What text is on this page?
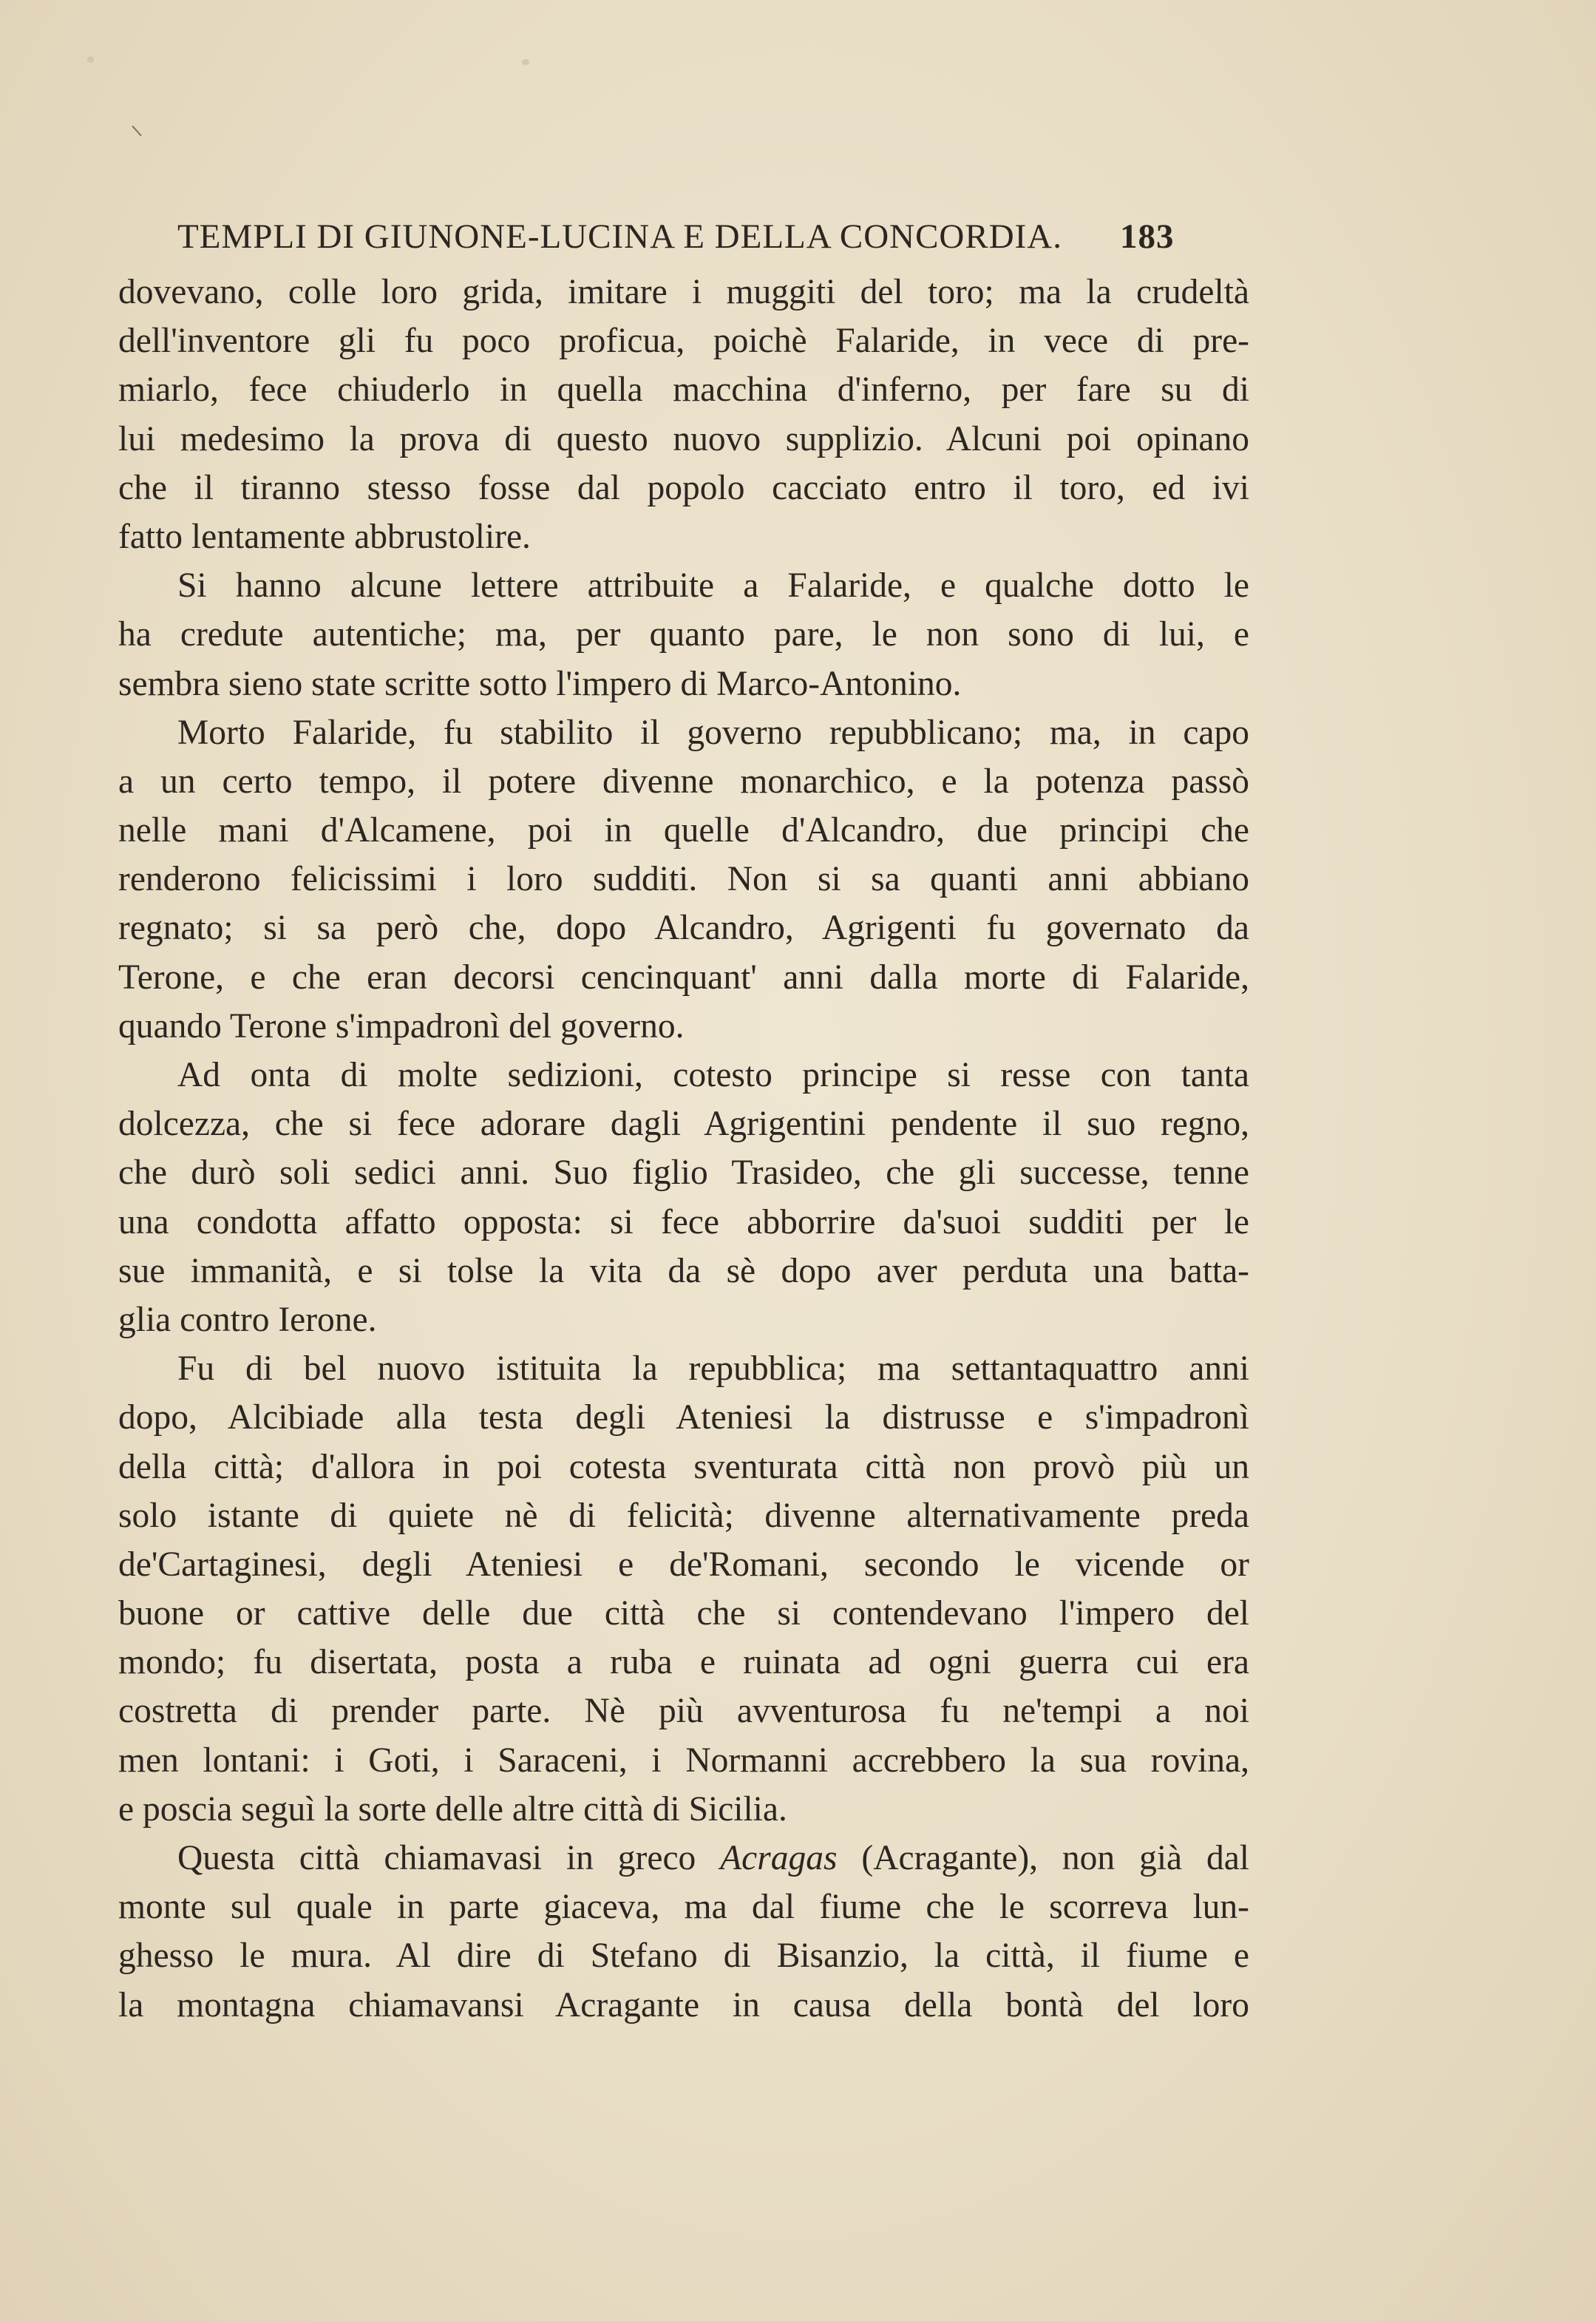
TEMPLI DI GIUNONE-LUCINA E DELLA CONCORDIA. 183
dovevano, colle loro grida, imitare i muggiti del toro; ma la crudeltà
dell'inventore gli fu poco proficua, poichè Falaride, in vece di pre-
miarlo, fece chiuderlo in quella macchina d'inferno, per fare su di
lui medesimo la prova di questo nuovo supplizio. Alcuni poi opinano
che il tiranno stesso fosse dal popolo cacciato entro il toro, ed ivi
fatto lentamente abbrustolire.
Si hanno alcune lettere attribuite a Falaride, e qualche dotto le
ha credute autentiche; ma, per quanto pare, le non sono di lui, e
sembra sieno state scritte sotto l'impero di Marco-Antonino.
Morto Falaride, fu stabilito il governo repubblicano; ma, in capo
a un certo tempo, il potere divenne monarchico, e la potenza passò
nelle mani d'Alcamene, poi in quelle d'Alcandro, due principi che
renderono felicissimi i loro sudditi. Non si sa quanti anni abbiano
regnato; si sa però che, dopo Alcandro, Agrigenti fu governato da
Terone, e che eran decorsi cencinquant' anni dalla morte di Falaride,
quando Terone s'impadronì del governo.
Ad onta di molte sedizioni, cotesto principe si resse con tanta
dolcezza, che si fece adorare dagli Agrigentini pendente il suo regno,
che durò soli sedici anni. Suo figlio Trasideo, che gli successe, tenne
una condotta affatto opposta: si fece abborrire da'suoi sudditi per le
sue immanità, e si tolse la vita da sè dopo aver perduta una batta-
glia contro Ierone.
Fu di bel nuovo istituita la repubblica; ma settantaquattro anni
dopo, Alcibiade alla testa degli Ateniesi la distrusse e s'impadronì
della città; d'allora in poi cotesta sventurata città non provò più un
solo istante di quiete nè di felicità; divenne alternativamente preda
de'Cartaginesi, degli Ateniesi e de'Romani, secondo le vicende or
buone or cattive delle due città che si contendevano l'impero del
mondo; fu disertata, posta a ruba e ruinata ad ogni guerra cui era
costretta di prender parte. Nè più avventurosa fu ne'tempi a noi
men lontani: i Goti, i Saraceni, i Normanni accrebbero la sua rovina,
e poscia seguì la sorte delle altre città di Sicilia.
Questa città chiamavasi in greco Acragas (Acragante), non già dal
monte sul quale in parte giaceva, ma dal fiume che le scorreva lun-
ghesso le mura. Al dire di Stefano di Bisanzio, la città, il fiume e
la montagna chiamavansi Acragante in causa della bontà del loro
